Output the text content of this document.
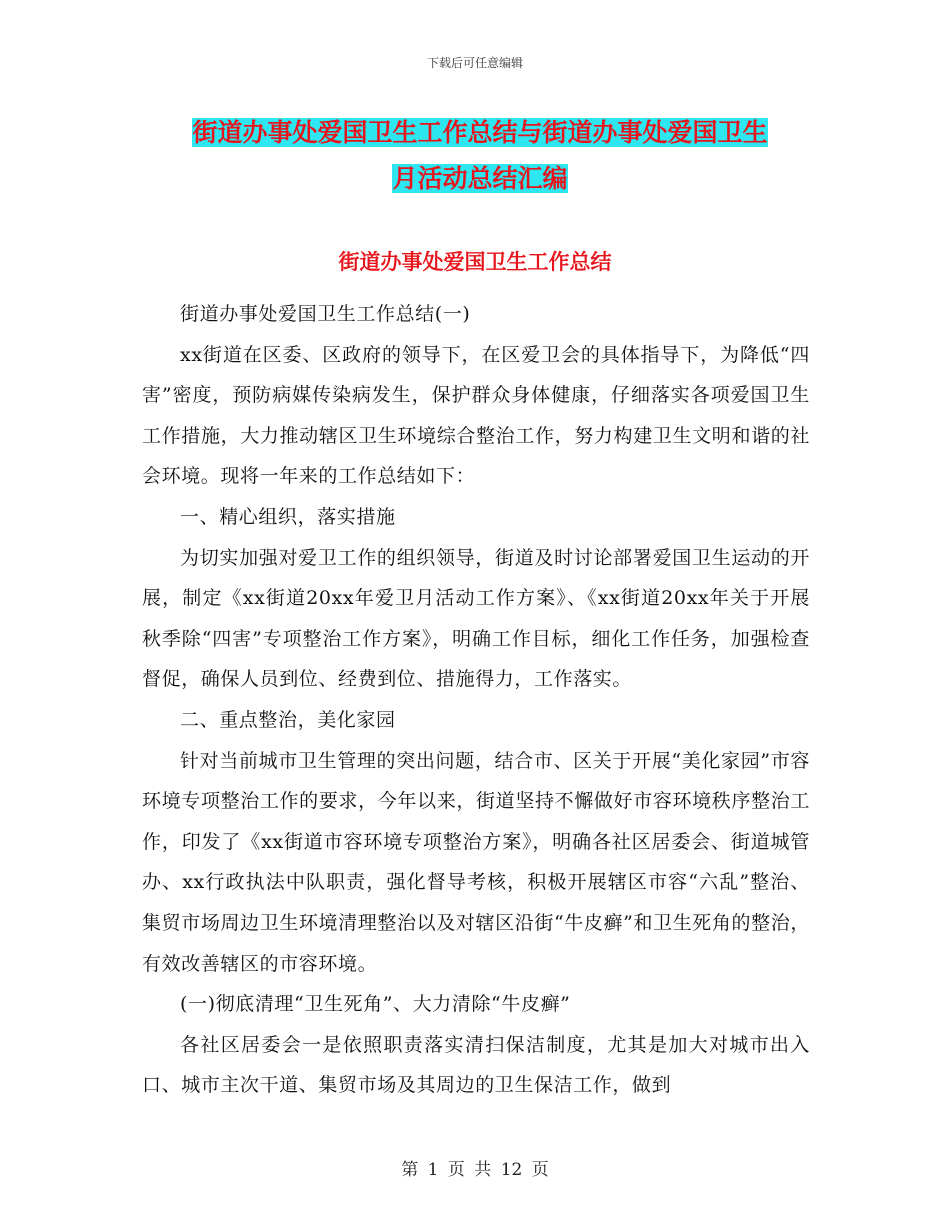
下载后可任意编辑
街道办事处爱国卫生工作总结与街道办事处爱国卫生
月活动总结汇编
街道办事处爱国卫生工作总结

街道办事处爱国卫生工作总结(一)

xx街道在区委、区政府的领导下，在区爱卫会的具体指导下，为降低“四害”密度，预防病媒传染病发生，保护群众身体健康，仔细落实各项爱国卫生工作措施，大力推动辖区卫生环境综合整治工作，努力构建卫生文明和谐的社会环境。现将一年来的工作总结如下：

一、精心组织，落实措施

为切实加强对爱卫工作的组织领导，街道及时讨论部署爱国卫生运动的开展，制定《xx街道20xx年爱卫月活动工作方案》、《xx街道20xx年关于开展秋季除“四害”专项整治工作方案》，明确工作目标，细化工作任务，加强检查督促，确保人员到位、经费到位、措施得力，工作落实。

二、重点整治，美化家园

针对当前城市卫生管理的突出问题，结合市、区关于开展“美化家园”市容环境专项整治工作的要求，今年以来，街道坚持不懈做好市容环境秩序整治工作，印发了《xx街道市容环境专项整治方案》，明确各社区居委会、街道城管办、xx行政执法中队职责，强化督导考核，积极开展辖区市容“六乱”整治、集贸市场周边卫生环境清理整治以及对辖区沿街“牛皮癣”和卫生死角的整治，有效改善辖区的市容环境。

(一)彻底清理“卫生死角”、大力清除“牛皮癣”

各社区居委会一是依照职责落实清扫保洁制度，尤其是加大对城市出入口、城市主次干道、集贸市场及其周边的卫生保洁工作，做到

第 1 页 共 12 页
